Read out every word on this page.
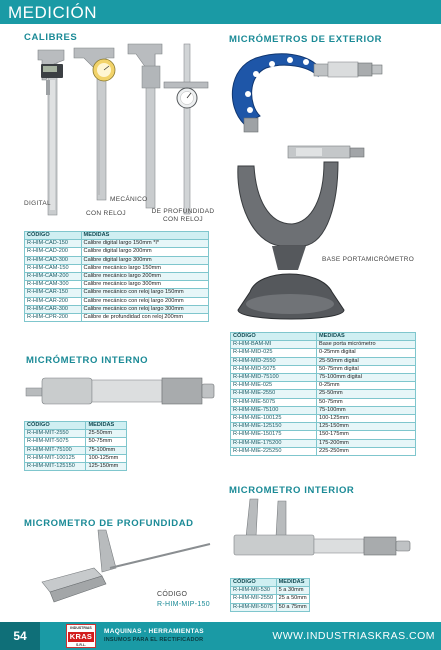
MEDICIÓN
CALIBRES
DIGITAL
MECÁNICO
CON RELOJ	DE PROFUNDIDAD
CON RELOJ
CÓDIGO	MEDIDAS
R-HIM-CAD-150	Calibre digital largo 150mm *I*
R-HIM-CAD-200	Calibre digital largo 200mm
R-HIM-CAD-300	Calibre digital largo 300mm
R-HIM-CAM-150	Calibre mecánico largo 150mm
R-HIM-CAM-200	Calibre mecánico largo 200mm
R-HIM-CAM-300	Calibre mecánico largo 300mm
R-HIM-CAR-150	Calibre mecánico con reloj largo 150mm
R-HIM-CAR-200	Calibre mecánico con reloj largo 200mm
R-HIM-CAR-300	Calibre mecánico con reloj largo 300mm
R-HIM-CPR-200	Calibre de profundidad con reloj 200mm
MICRÓMETROS DE EXTERIOR
BASE PORTAMICRÓMETRO
CÓDIGO	MEDIDAS
R-HIM-BAM-MI	Base porta micrómetro
R-HIM-MID-025	0-25mm digital
R-HIM-MID-2550	25-50mm digital
R-HIM-MID-5075	50-75mm digital
R-HIM-MID-75100	75-100mm digital
R-HIM-MIE-025	0-25mm
R-HIM-MIE-2550	25-50mm
R-HIM-MIE-5075	50-75mm
R-HIM-MIE-75100	75-100mm
R-HIM-MIE-100125	100-125mm
R-HIM-MIE-125150	125-150mm
R-HIM-MIE-150175	150-175mm
R-HIM-MIE-175200	175-200mm
R-HIM-MIE-225250	225-250mm
MICRÓMETRO INTERNO
CÓDIGO	MEDIDAS
R-HIM-MIT-2550	25-50mm
R-HIM-MIT-5075	50-75mm
R-HIM-MIT-75100	75-100mm
R-HIM-MIT-100125	100-125mm
R-HIM-MIT-125150	125-150mm
MICROMETRO DE PROFUNDIDAD
CÓDIGO
R-HIM-MIP-150
MICROMETRO INTERIOR
CÓDIGO	MEDIDAS
R-HIM-MII-530	5 a 30mm
R-HIM-MII-2550	25 a 50mm
R-HIM-MII-5075	50 a 75mm
54
INDUSTRIAS
KRAS
S.R.L.
MAQUINAS - HERRAMIENTAS
INSUMOS PARA EL RECTIFICADOR	WWW.INDUSTRIASKRAS.COM
